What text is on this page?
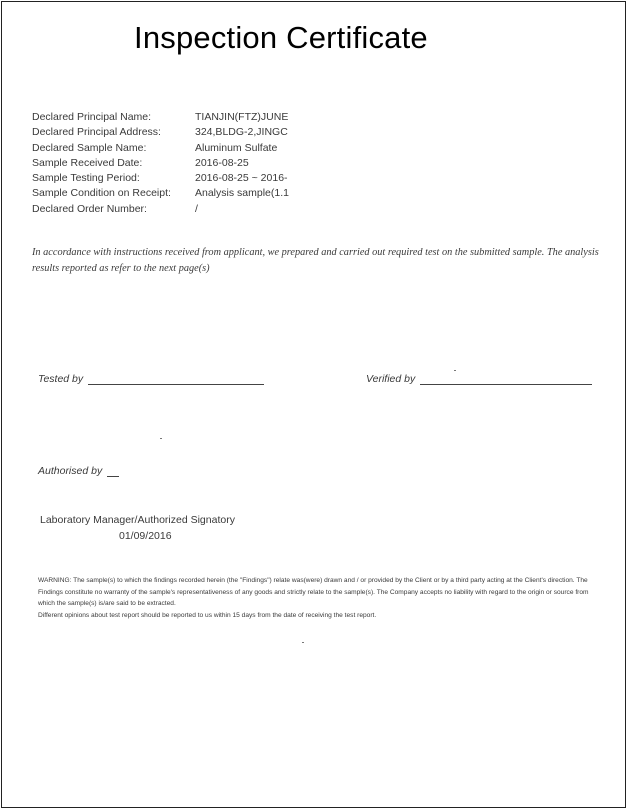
Inspection Certificate
Declared Principal Name:	TIANJIN(FTZ)JUNE
Declared Principal Address:	324,BLDG-2,JINGC
Declared Sample Name:	Aluminum Sulfate
Sample Received Date:	2016-08-25
Sample Testing Period:	2016-08-25 ~ 2016-
Sample Condition on Receipt: Analysis sample(1.1
Declared Order Number:	/
In accordance with instructions received from applicant, we prepared and carried out required test on the submitted sample. The analysis results reported as refer to the next page(s)
Tested by	Verified by
Authorised by
Laboratory Manager/Authorized Signatory
01/09/2016
WARNING: The sample(s) to which the findings recorded herein (the "Findings") relate was(were) drawn and / or provided by the Client or by a third party acting at the Client's direction. The Findings constitute no warranty of the sample's representativeness of any goods and strictly relate to the sample(s). The Company accepts no liability with regard to the origin or source from which the sample(s) is/are said to be extracted.
Different opinions about test report should be reported to us within 15 days from the date of receiving the test report.
